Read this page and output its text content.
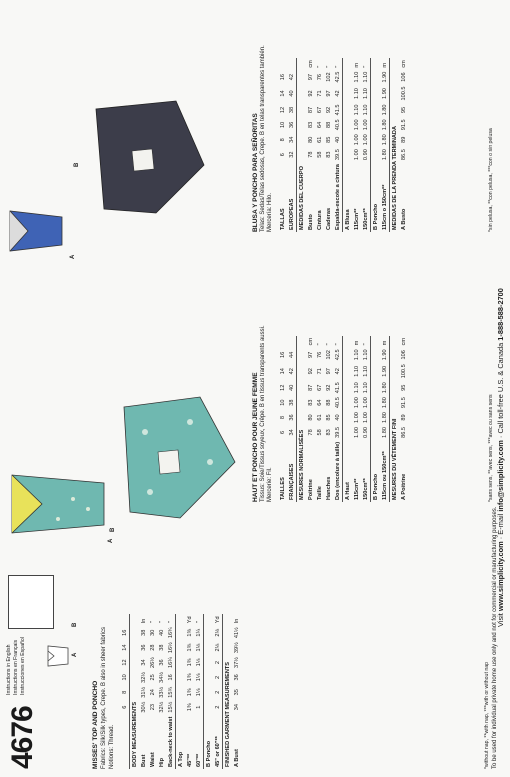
4676
Instructions in English Instructions en Français Instrucciones en Español	A
B
MISSES' TOP AND PONCHO Fabrics: Silk/Silk types, Crepe. B also in sheer fabrics Notions: Thread.
	6	8	10	12	14	16	
BODY MEASUREMENTS							
Bust	30½	31½	32½	34	36	38	In
Waist	23	24	25	26½	28	30	"
Hip	32½	33½	34½	36	38	40	"
Back-neck to waist	15½	15¾	16	16¼	16½	16¾	"
A Top							
45"**	1⅜	1⅜	1⅜	1⅜	1⅜	1⅜	Yd
60"**	1	1⅛	1⅛	1⅛	1⅛	1¼	"
B Poncho							
45" or 60"**	2	2	2	2	2⅛	2⅛	Yd
FINISHED GARMENT MEASUREMENTS							
A Bust	34	35	36	37½	39½	41½	In
*without nap, **with nap, ***with or without nap To be used for individual private home use only and not for commercial or manufacturing purposes.
A
B
HAUT ET PONCHO POUR JEUNE FEMME Tissus: Soie/Tissus soyeux, Crêpe. B en tissus transparents aussi. Mercerie: Fil. TAILLES	6	8	10	12	14	16	
FRANÇAISES	34	36	38	40	42	44	
MESURES NORMALISÉES							
Poitrine	78	80	83	87	92	97	cm
Taille	58	61	64	67	71	76	"
Hanches	83	85	88	92	97	102	"
Dos (encolure à taille)	39.5	40	40.5	41.5	42	42.5	"
A Haut							
115cm**	1.00	1.00	1.00	1.10	1.10	1.10	m
150cm**	0.90	1.00	1.00	1.10	1.10	1.10	"
B Poncho							
115cm ou 150cm**	1.80	1.80	1.80	1.80	1.90	1.90	m
MESURES DU VÊTEMENT FINI							
A Poitrine	86.5	89	91.5	95	100.5	106	cm
*sans sens, **avec sens, ***avec ou sans sens
A
B	BLUSA Y PONCHO PARA SEÑORITAS Telas: Sedas/Telas sedosas, Crepe. B en telas transparentes también. Mercería: Hilo. TALLAS	6	8	10	12	14	16	
EUROPEAS	32	34	36	38	40	42	
MEDIDAS DEL CUERPO							
Busto	78	80	83	87	92	97	cm
Cintura	58	61	64	67	71	76	"
Caderas	83	85	88	92	97	102	"
Espalda-escote a cintura	39.5	40	40.5	41.5	42	42.5	"
A Blusa							
115cm**	1.00	1.00	1.00	1.10	1.10	1.10	m
150cm**	0.90	1.00	1.00	1.10	1.10	1.10	"
B Poncho							
115cm o 150cm**	1.80	1.80	1.80	1.80	1.90	1.90	m
MEDIDAS DE LA PRENDA TERMINADA							
A Busto	86.5	89	91.5	95	100.5	106	cm
*sin pelusa, **con pelusa, ***con o sin pelusa
Visit www.simplicity.com · E-mail info@simplicity.com · Call toll-free U.S. & Canada 1-888-588-2700
